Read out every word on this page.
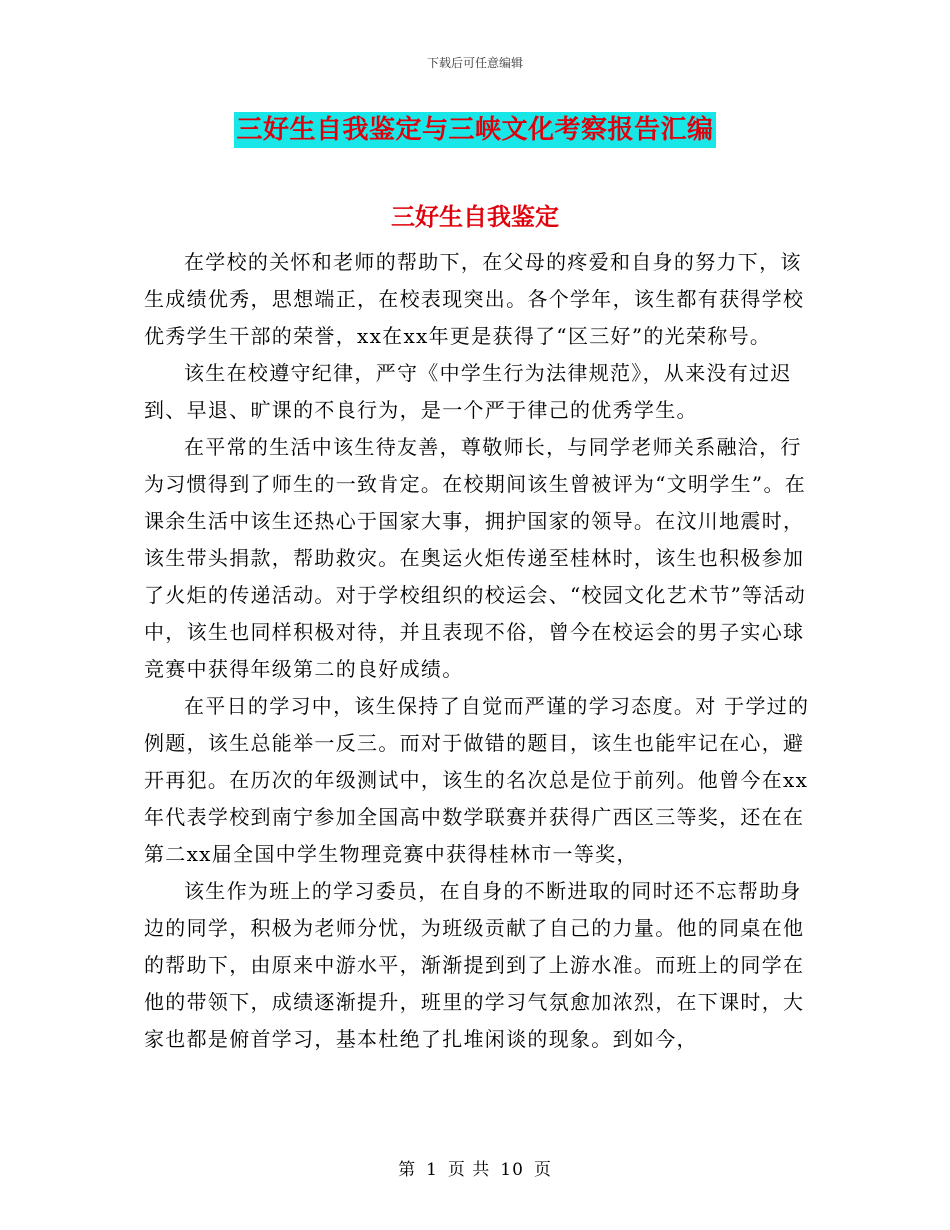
下载后可任意编辑
三好生自我鉴定与三峡文化考察报告汇编
三好生自我鉴定

在学校的关怀和老师的帮助下，在父母的疼爱和自身的努力下，该生成绩优秀，思想端正，在校表现突出。各个学年，该生都有获得学校优秀学生干部的荣誉，xx在xx年更是获得了“区三好”的光荣称号。

该生在校遵守纪律，严守《中学生行为法律规范》，从来没有过迟到、早退、旷课的不良行为，是一个严于律己的优秀学生。

在平常的生活中该生待友善，尊敬师长，与同学老师关系融洽，行为习惯得到了师生的一致肯定。在校期间该生曾被评为“文明学生”。在课余生活中该生还热心于国家大事，拥护国家的领导。在汶川地震时，该生带头捐款，帮助救灾。在奥运火炬传递至桂林时，该生也积极参加了火炬的传递活动。对于学校组织的校运会、“校园文化艺术节”等活动中，该生也同样积极对待，并且表现不俗，曾今在校运会的男子实心球竞赛中获得年级第二的良好成绩。

在平日的学习中，该生保持了自觉而严谨的学习态度。对 于学过的例题，该生总能举一反三。而对于做错的题目，该生也能牢记在心，避开再犯。在历次的年级测试中，该生的名次总是位于前列。他曾今在xx年代表学校到南宁参加全国高中数学联赛并获得广西区三等奖，还在在第二xx届全国中学生物理竞赛中获得桂林市一等奖，

该生作为班上的学习委员，在自身的不断进取的同时还不忘帮助身边的同学，积极为老师分忧，为班级贡献了自己的力量。他的同桌在他的帮助下，由原来中游水平，渐渐提到到了上游水准。而班上的同学在他的带领下，成绩逐渐提升，班里的学习气氛愈加浓烈，在下课时，大家也都是俯首学习，基本杜绝了扎堆闲谈的现象。到如今，

第 1 页 共 10 页
